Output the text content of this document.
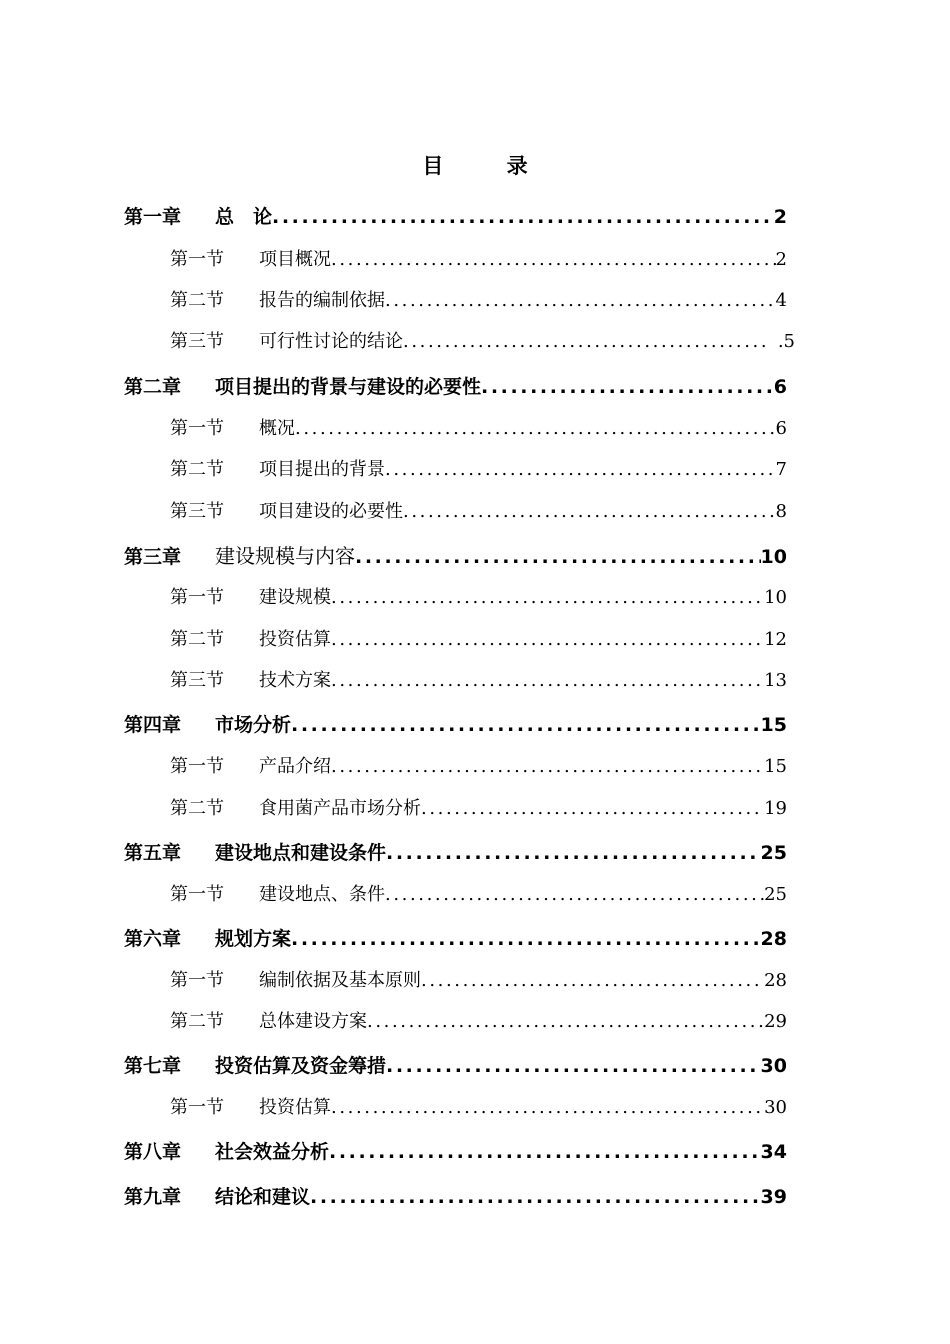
目 录
第一章	总　论 .....	2
第一节	项目概况 .....	2
第二节	报告的编制依据 .....	4
第三节	可行性讨论的结论 .....	.5
第二章	项目提出的背景与建设的必要性 .....	6
第一节	概况 .....	6
第二节	项目提出的背景 .....	7
第三节	项目建设的必要性 .....	8
第三章	建设规模与内容 .....	10
第一节	建设规模 .....	10
第二节	投资估算 .....	12
第三节	技术方案 .....	13
第四章	市场分析 .....	15
第一节	产品介绍 .....	15
第二节	食用菌产品市场分析 .....	19
第五章	建设地点和建设条件 .....	25
第一节	建设地点、条件 .....	25
第六章	规划方案 .....	28
第一节	编制依据及基本原则 .....	28
第二节	总体建设方案 .....	29
第七章	投资估算及资金筹措 .....	30
第一节	投资估算 .....	30
第八章	社会效益分析 .....	34
第九章	结论和建议 .....	39
